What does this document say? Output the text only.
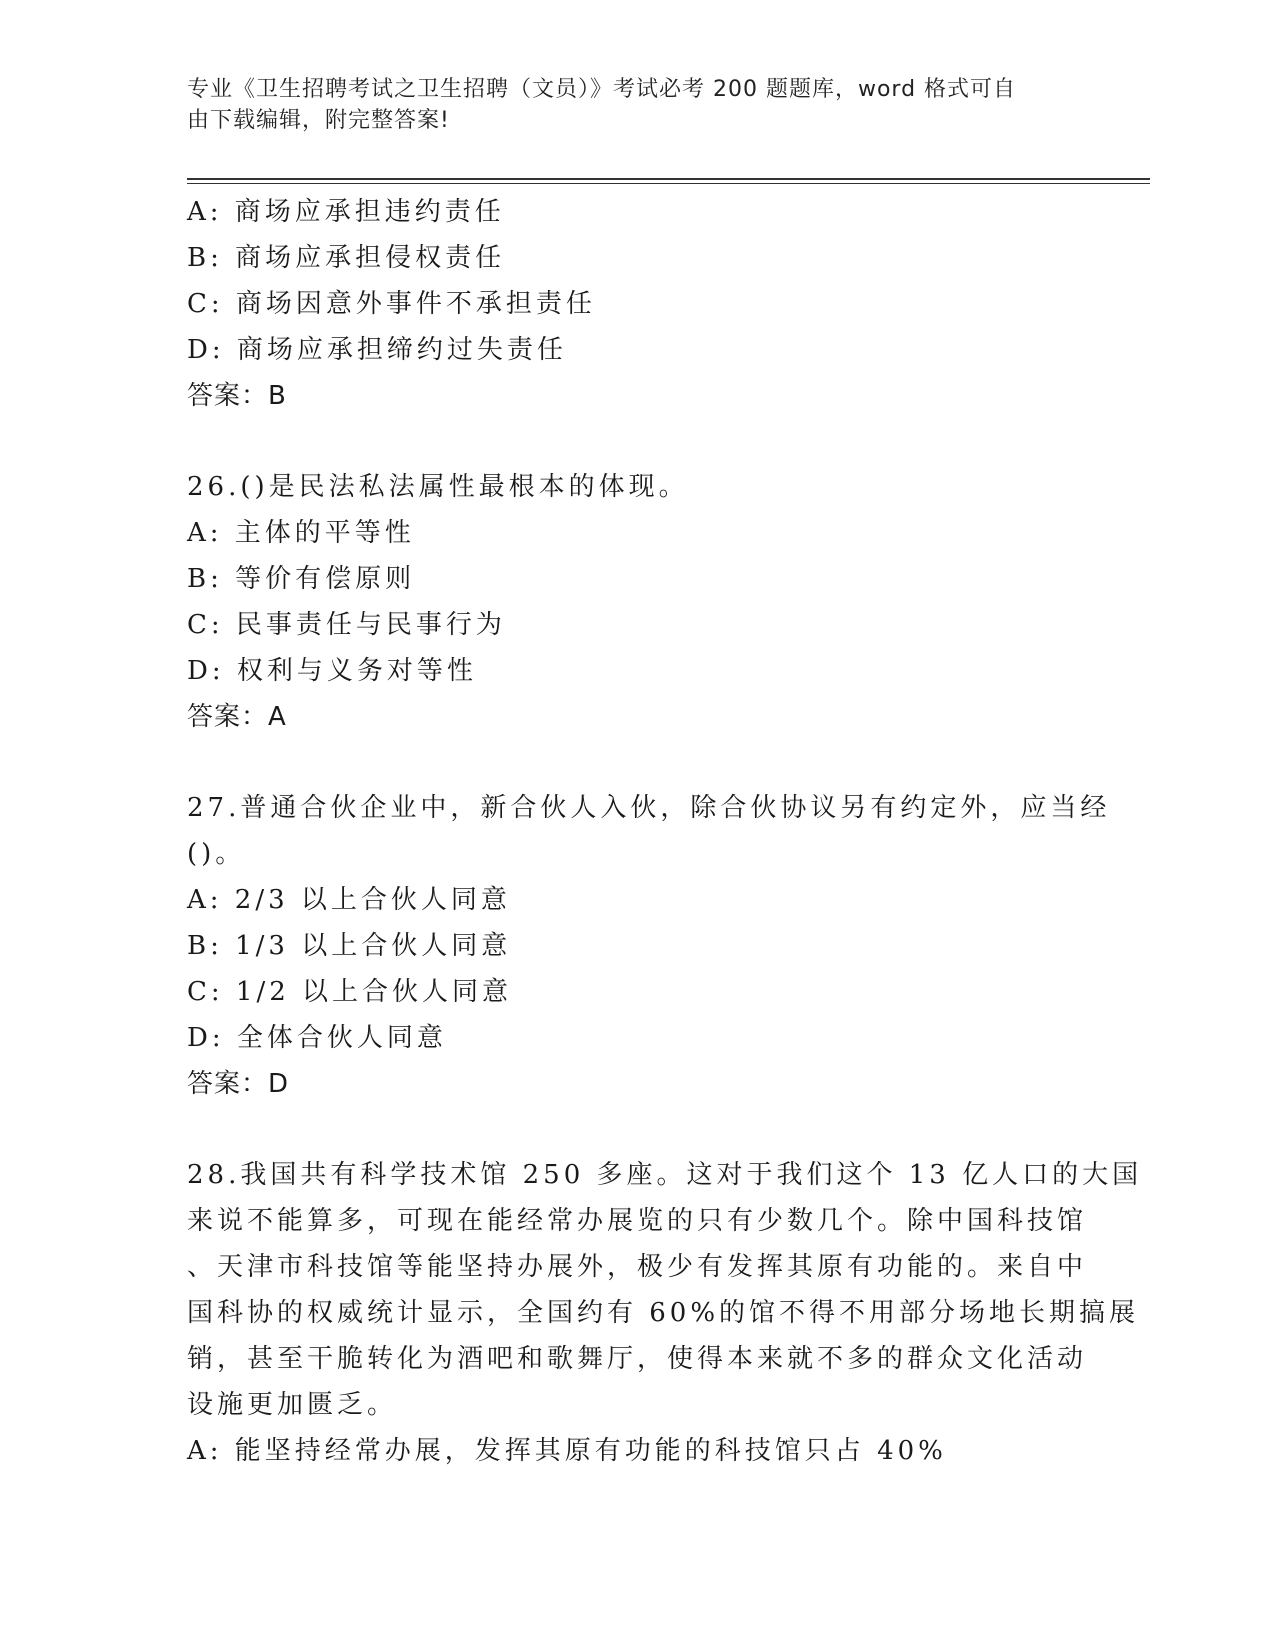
专业《卫生招聘考试之卫生招聘（文员）》考试必考 200 题题库，word 格式可自
由下载编辑，附完整答案!
A: 商场应承担违约责任
B: 商场应承担侵权责任
C: 商场因意外事件不承担责任
D: 商场应承担缔约过失责任
答案：B
26.()是民法私法属性最根本的体现。
A: 主体的平等性
B: 等价有偿原则
C: 民事责任与民事行为
D: 权利与义务对等性
答案：A
27.普通合伙企业中，新合伙人入伙，除合伙协议另有约定外，应当经
()。
A: 2/3 以上合伙人同意
B: 1/3 以上合伙人同意
C: 1/2 以上合伙人同意
D: 全体合伙人同意
答案：D
28.我国共有科学技术馆 250 多座。这对于我们这个 13 亿人口的大国
来说不能算多，可现在能经常办展览的只有少数几个。除中国科技馆
、天津市科技馆等能坚持办展外，极少有发挥其原有功能的。来自中
国科协的权威统计显示，全国约有 60%的馆不得不用部分场地长期搞展
销，甚至干脆转化为酒吧和歌舞厅，使得本来就不多的群众文化活动
设施更加匮乏。
A: 能坚持经常办展，发挥其原有功能的科技馆只占 40%
